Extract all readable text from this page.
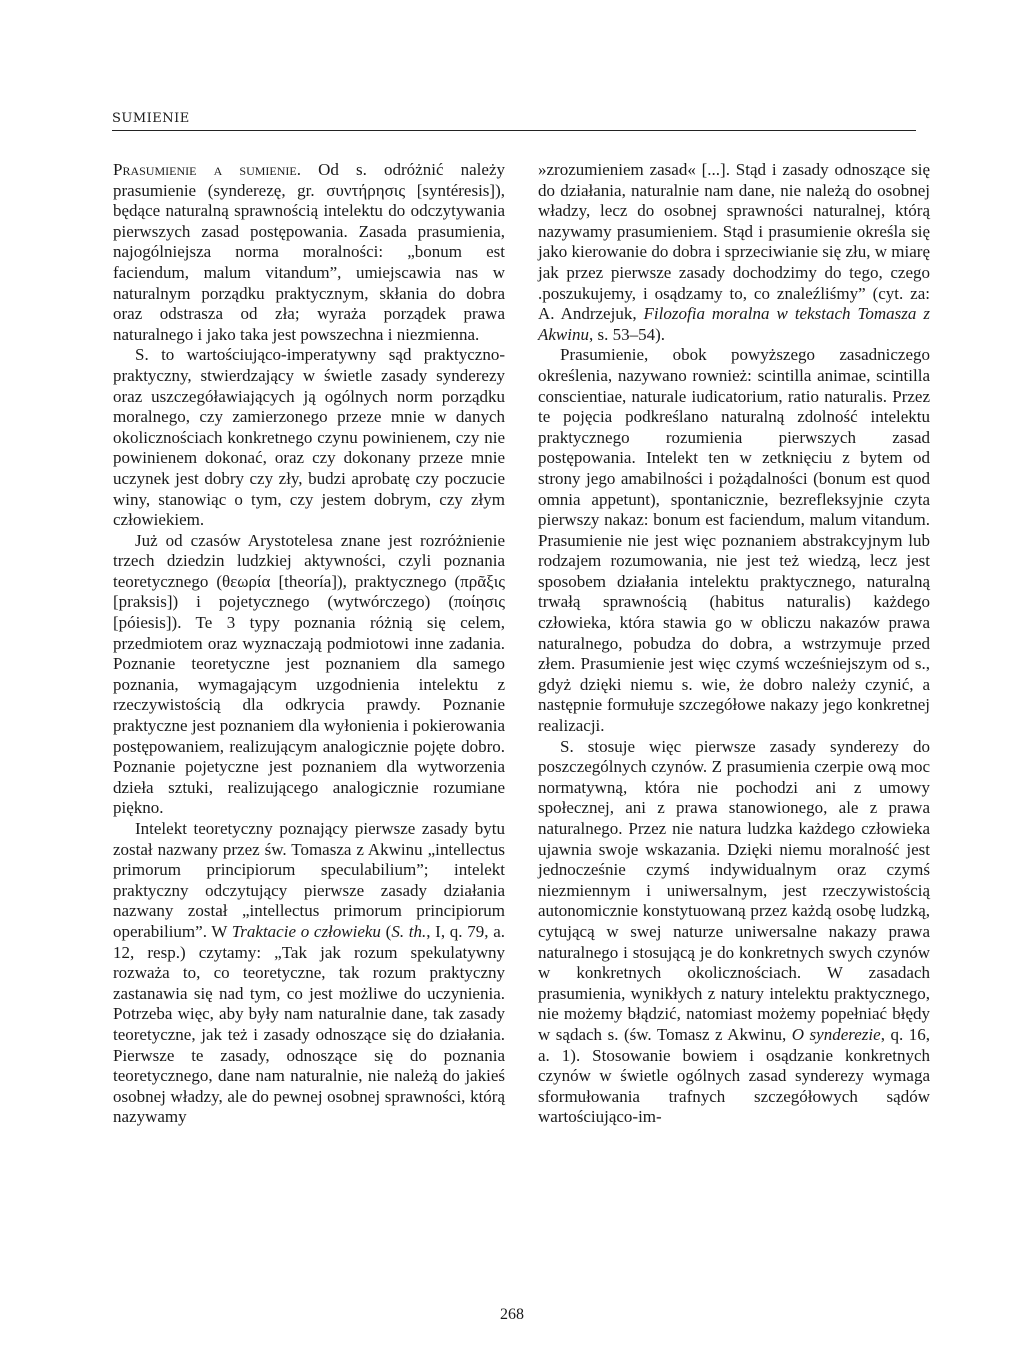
SUMIENIE

Prasumienie a sumienie. Od s. odróżnić należy prasumienie (synderezę, gr. συντήρησις [syntéresis]), będące naturalną sprawnością intelektu do odczytywania pierwszych zasad postępowania. Zasada prasumienia, najogólniejsza norma moralności: „bonum est faciendum, malum vitandum”, umiejscawia nas w naturalnym porządku praktycznym, skłania do dobra oraz odstrasza od zła; wyraża porządek prawa naturalnego i jako taka jest powszechna i niezmienna.

S. to wartościująco-imperatywny sąd praktyczno-praktyczny, stwierdzający w świetle zasady synderezy oraz uszczegóławiających ją ogólnych norm porządku moralnego, czy zamierzonego przeze mnie w danych okolicznościach konkretnego czynu powinienem, czy nie powinienem dokonać, oraz czy dokonany przeze mnie uczynek jest dobry czy zły, budzi aprobatę czy poczucie winy, stanowiąc o tym, czy jestem dobrym, czy złym człowiekiem.

Już od czasów Arystotelesa znane jest rozróżnienie trzech dziedzin ludzkiej aktywności, czyli poznania teoretycznego (θεωρία [theoría]), praktycznego (πρᾶξις [praksis]) i pojetycznego (wytwórczego) (ποίησις [póiesis]). Te 3 typy poznania różnią się celem, przedmiotem oraz wyznaczają podmiotowi inne zadania. Poznanie teoretyczne jest poznaniem dla samego poznania, wymagającym uzgodnienia intelektu z rzeczywistością dla odkrycia prawdy. Poznanie praktyczne jest poznaniem dla wyłonienia i pokierowania postępowaniem, realizującym analogicznie pojęte dobro. Poznanie pojetyczne jest poznaniem dla wytworzenia dzieła sztuki, realizującego analogicznie rozumiane piękno.

Intelekt teoretyczny poznający pierwsze zasady bytu został nazwany przez św. Tomasza z Akwinu „intellectus primorum principiorum speculabilium”; intelekt praktyczny odczytujący pierwsze zasady działania nazwany został „intellectus primorum principiorum operabilium”. W Traktacie o człowieku (S. th., I, q. 79, a. 12, resp.) czytamy: „Tak jak rozum spekulatywny rozważa to, co teoretyczne, tak rozum praktyczny zastanawia się nad tym, co jest możliwe do uczynienia. Potrzeba więc, aby były nam naturalnie dane, tak zasady teoretyczne, jak też i zasady odnoszące się do działania. Pierwsze te zasady, odnoszące się do poznania teoretycznego, dane nam naturalnie, nie należą do jakieś osobnej władzy, ale do pewnej osobnej sprawności, którą nazywamy

»zrozumieniem zasad« [...]. Stąd i zasady odnoszące się do działania, naturalnie nam dane, nie należą do osobnej władzy, lecz do osobnej sprawności naturalnej, którą nazywamy prasumieniem. Stąd i prasumienie określa się jako kierowanie do dobra i sprzeciwianie się złu, w miarę jak przez pierwsze zasady dochodzimy do tego, czego .poszukujemy, i osądzamy to, co znaleźliśmy” (cyt. za: A. Andrzejuk, Filozofia moralna w tekstach Tomasza z Akwinu, s. 53–54).

Prasumienie, obok powyższego zasadniczego określenia, nazywano rownież: scintilla animae, scintilla conscientiae, naturale iudicatorium, ratio naturalis. Przez te pojęcia podkreślano naturalną zdolność intelektu praktycznego rozumienia pierwszych zasad postępowania. Intelekt ten w zetknięciu z bytem od strony jego amabilności i pożądalności (bonum est quod omnia appetunt), spontanicznie, bezrefleksyjnie czyta pierwszy nakaz: bonum est faciendum, malum vitandum. Prasumienie nie jest więc poznaniem abstrakcyjnym lub rodzajem rozumowania, nie jest też wiedzą, lecz jest sposobem działania intelektu praktycznego, naturalną trwałą sprawnością (habitus naturalis) każdego człowieka, która stawia go w obliczu nakazów prawa naturalnego, pobudza do dobra, a wstrzymuje przed złem. Prasumienie jest więc czymś wcześniejszym od s., gdyż dzięki niemu s. wie, że dobro należy czynić, a następnie formułuje szczegółowe nakazy jego konkretnej realizacji.

S. stosuje więc pierwsze zasady synderezy do poszczególnych czynów. Z prasumienia czerpie ową moc normatywną, która nie pochodzi ani z umowy społecznej, ani z prawa stanowionego, ale z prawa naturalnego. Przez nie natura ludzka każdego człowieka ujawnia swoje wskazania. Dzięki niemu moralność jest jednocześnie czymś indywidualnym oraz czymś niezmiennym i uniwersalnym, jest rzeczywistością autonomicznie konstytuowaną przez każdą osobę ludzką, cytującą w swej naturze uniwersalne nakazy prawa naturalnego i stosującą je do konkretnych swych czynów w konkretnych okolicznościach. W zasadach prasumienia, wynikłych z natury intelektu praktycznego, nie możemy błądzić, natomiast możemy popełniać błędy w sądach s. (św. Tomasz z Akwinu, O synderezie, q. 16, a. 1). Stosowanie bowiem i osądzanie konkretnych czynów w świetle ogólnych zasad synderezy wymaga sformułowania trafnych szczegółowych sądów wartościująco-im-

268
